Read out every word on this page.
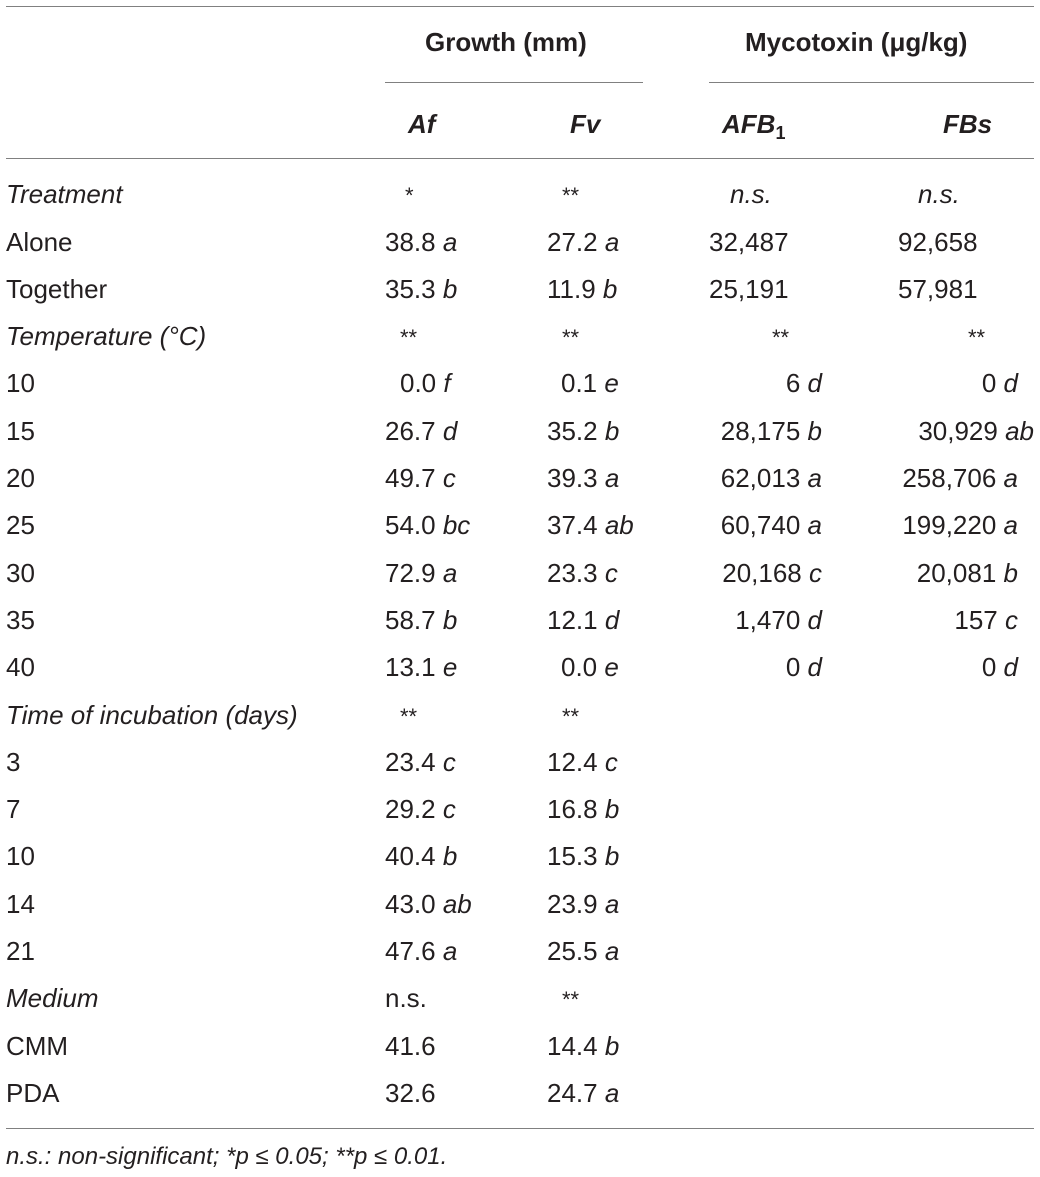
Growth (mm)	Mycotoxin (μg/kg)
Af	Fv	$AFB_1$	FBs
Treatment	*	**	n.s.	n.s.
Alone	38.8 a	27.2 a	32,487	92,658
Together	35.3 b	11.9 b	25,191	57,981
Temperature (°C)	**	**	**	**
10	0.0 f	0.1 e	6 d	0 d
15	26.7 d	35.2 b	28,175 b	30,929 ab
20	49.7 c	39.3 a	62,013 a	258,706 a
25	54.0 bc	37.4 ab	60,740 a	199,220 a
30	72.9 a	23.3 c	20,168 c	20,081 b
35	58.7 b	12.1 d	1,470 d	157 c
40	13.1 e	0.0 e	0 d	0 d
Time of incubation (days)	**	**
3	23.4 c	12.4 c
7	29.2 c	16.8 b
10	40.4 b	15.3 b
14	43.0 ab	23.9 a
21	47.6 a	25.5 a
Medium	n.s.	**
CMM	41.6	14.4 b
PDA	32.6	24.7 a
n.s.: non-significant; *p ≤ 0.05; **p ≤ 0.01.
